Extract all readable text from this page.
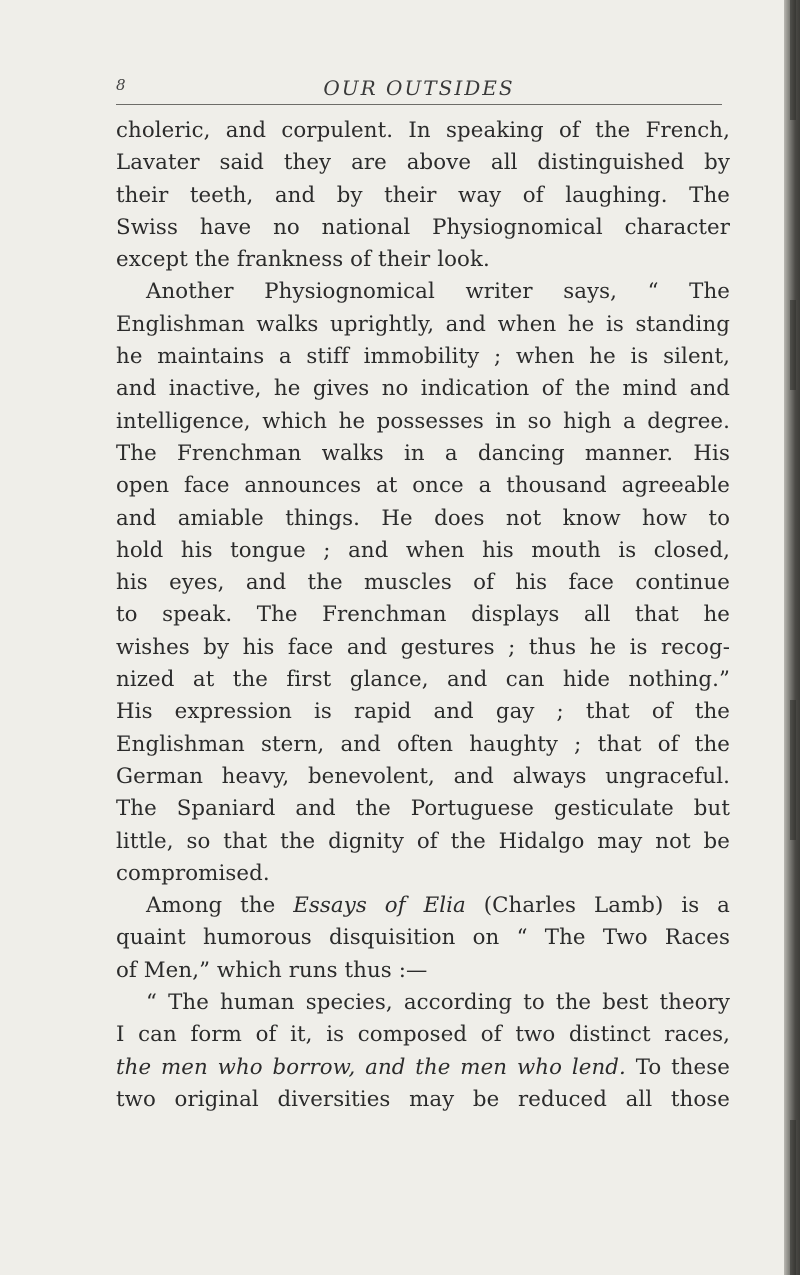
8	OUR OUTSIDES
choleric, and corpulent. In speaking of the French,
Lavater said they are above all distinguished by
their teeth, and by their way of laughing. The
Swiss have no national Physiognomical character
except the frankness of their look.
Another Physiognomical writer says, “ The
Englishman walks uprightly, and when he is standing
he maintains a stiff immobility ; when he is silent,
and inactive, he gives no indication of the mind and
intelligence, which he possesses in so high a degree.
The Frenchman walks in a dancing manner. His
open face announces at once a thousand agreeable
and amiable things. He does not know how to
hold his tongue ; and when his mouth is closed,
his eyes, and the muscles of his face continue
to speak. The Frenchman displays all that he
wishes by his face and gestures ; thus he is recog-
nized at the first glance, and can hide nothing.”
His expression is rapid and gay ; that of the
Englishman stern, and often haughty ; that of the
German heavy, benevolent, and always ungraceful.
The Spaniard and the Portuguese gesticulate but
little, so that the dignity of the Hidalgo may not be
compromised.
Among the Essays of Elia (Charles Lamb) is a
quaint humorous disquisition on “ The Two Races
of Men,” which runs thus :—
“ The human species, according to the best theory
I can form of it, is composed of two distinct races,
the men who borrow, and the men who lend. To these
two original diversities may be reduced all those
